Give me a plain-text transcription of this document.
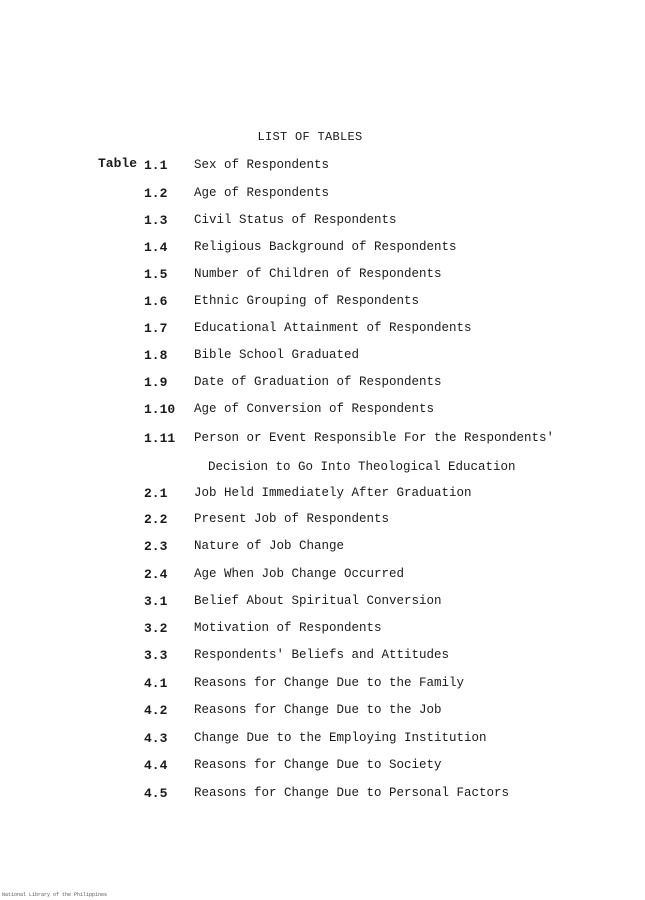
LIST OF TABLES
Table 1.1 Sex of Respondents
1.2 Age of Respondents
1.3 Civil Status of Respondents
1.4 Religious Background of Respondents
1.5 Number of Children of Respondents
1.6 Ethnic Grouping of Respondents
1.7 Educational Attainment of Respondents
1.8 Bible School Graduated
1.9 Date of Graduation of Respondents
1.10 Age of Conversion of Respondents
1.11 Person or Event Responsible For the Respondents'
Decision to Go Into Theological Education
2.1 Job Held Immediately After Graduation
2.2 Present Job of Respondents
2.3 Nature of Job Change
2.4 Age When Job Change Occurred
3.1 Belief About Spiritual Conversion
3.2 Motivation of Respondents
3.3 Respondents' Beliefs and Attitudes
4.1 Reasons for Change Due to the Family
4.2 Reasons for Change Due to the Job
4.3 Change Due to the Employing Institution
4.4 Reasons for Change Due to Society
4.5 Reasons for Change Due to Personal Factors
National Library of the Philippines
